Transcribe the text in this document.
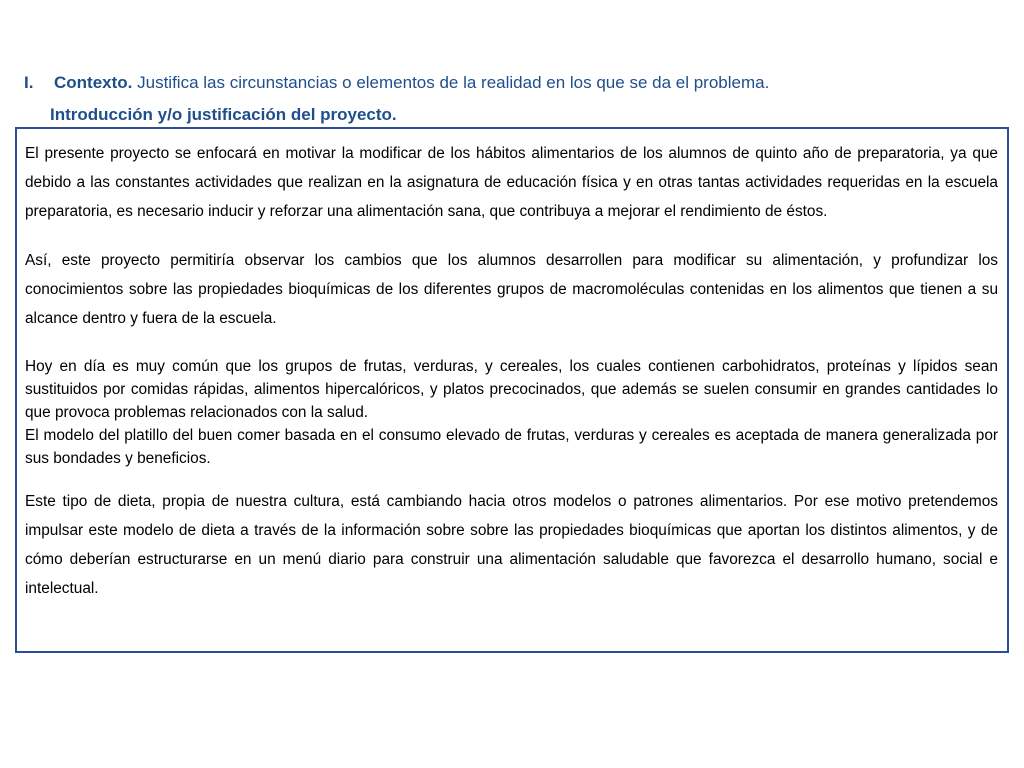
I. Contexto. Justifica las circunstancias o elementos de la realidad en los que se da el problema.
Introducción y/o justificación del proyecto.

El presente proyecto se enfocará en motivar la modificar de los hábitos alimentarios de los alumnos de quinto año de preparatoria, ya que debido a las constantes actividades que realizan en la asignatura de educación física y en otras tantas actividades requeridas en la escuela preparatoria, es necesario inducir y reforzar una alimentación sana, que contribuya a mejorar el rendimiento de éstos.

Así, este proyecto permitiría observar los cambios que los alumnos desarrollen para modificar su alimentación, y profundizar los conocimientos sobre las propiedades bioquímicas de los diferentes grupos de macromoléculas contenidas en los alimentos que tienen a su alcance dentro y fuera de la escuela.

Hoy en día es muy común que los grupos de frutas, verduras, y cereales, los cuales contienen carbohidratos, proteínas y lípidos sean sustituidos por comidas rápidas, alimentos hipercalóricos, y platos precocinados, que además se suelen consumir en grandes cantidades lo que provoca problemas relacionados con la salud.

El modelo del platillo del buen comer basada en el consumo elevado de frutas, verduras y cereales es aceptada de manera generalizada por sus bondades y beneficios.

Este tipo de dieta, propia de nuestra cultura, está cambiando hacia otros modelos o patrones alimentarios. Por ese motivo pretendemos impulsar este modelo de dieta a través de la información sobre sobre las propiedades bioquímicas que aportan los distintos alimentos, y de cómo deberían estructurarse en un menú diario para construir una alimentación saludable que favorezca el desarrollo humano, social e intelectual.
